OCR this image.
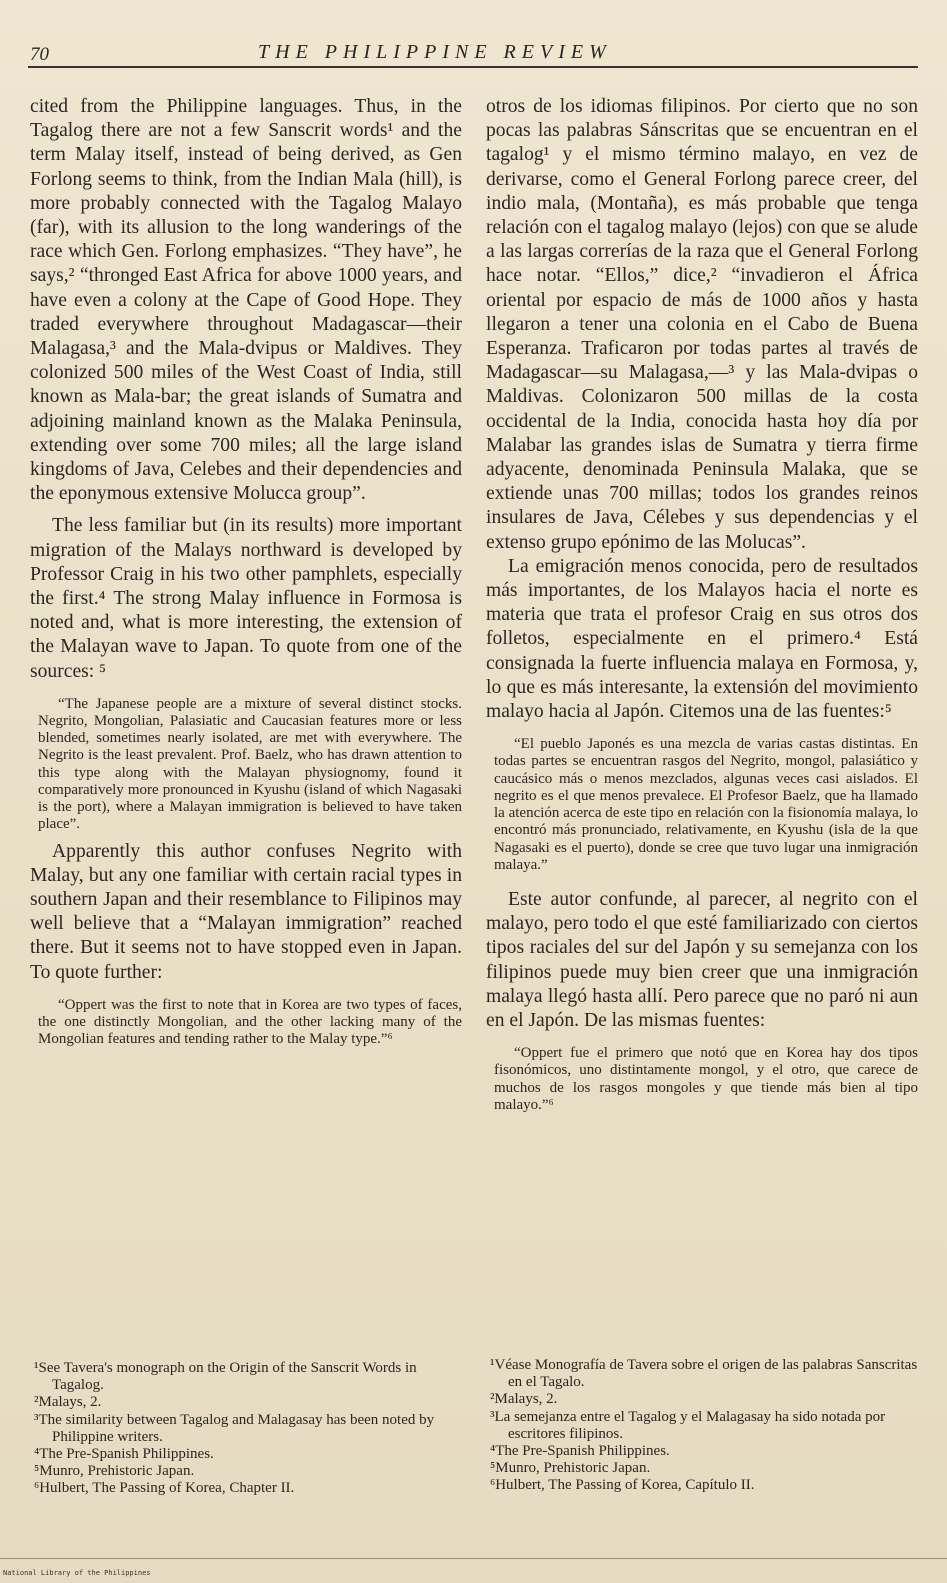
70	THE PHILIPPINE REVIEW

cited from the Philippine languages. Thus, in the Tagalog there are not a few Sanscrit words¹ and the term Malay itself, instead of being derived, as Gen Forlong seems to think, from the Indian Mala (hill), is more probably connected with the Tagalog Malayo (far), with its allusion to the long wanderings of the race which Gen. Forlong emphasizes. “They have”, he says,² “thronged East Africa for above 1000 years, and have even a colony at the Cape of Good Hope. They traded everywhere throughout Madagascar—their Malagasa,³ and the Mala-dvipus or Maldives. They colonized 500 miles of the West Coast of India, still known as Mala-bar; the great islands of Sumatra and adjoining mainland known as the Malaka Peninsula, extending over some 700 miles; all the large island kingdoms of Java, Celebes and their dependencies and the eponymous extensive Molucca group”.

The less familiar but (in its results) more important migration of the Malays northward is developed by Professor Craig in his two other pamphlets, especially the first.⁴ The strong Malay influence in Formosa is noted and, what is more interesting, the extension of the Malayan wave to Japan. To quote from one of the sources: ⁵

“The Japanese people are a mixture of several distinct stocks. Negrito, Mongolian, Palasiatic and Caucasian features more or less blended, sometimes nearly isolated, are met with everywhere. The Negrito is the least prevalent. Prof. Baelz, who has drawn attention to this type along with the Malayan physiognomy, found it comparatively more pronounced in Kyushu (island of which Nagasaki is the port), where a Malayan immigration is believed to have taken place”.

Apparently this author confuses Negrito with Malay, but any one familiar with certain racial types in southern Japan and their resemblance to Filipinos may well believe that a “Malayan immigration” reached there. But it seems not to have stopped even in Japan. To quote further:

“Oppert was the first to note that in Korea are two types of faces, the one distinctly Mongolian, and the other lacking many of the Mongolian features and tending rather to the Malay type.”⁶

otros de los idiomas filipinos. Por cierto que no son pocas las palabras Sánscritas que se encuentran en el tagalog¹ y el mismo término malayo, en vez de derivarse, como el General Forlong parece creer, del indio mala, (Montaña), es más probable que tenga relación con el tagalog malayo (lejos) con que se alude a las largas correrías de la raza que el General Forlong hace notar. “Ellos,” dice,² “invadieron el África oriental por espacio de más de 1000 años y hasta llegaron a tener una colonia en el Cabo de Buena Esperanza. Traficaron por todas partes al través de Madagascar—su Malagasa,—³ y las Mala-dvipas o Maldivas. Colonizaron 500 millas de la costa occidental de la India, conocida hasta hoy día por Malabar las grandes islas de Sumatra y tierra firme adyacente, denominada Peninsula Malaka, que se extiende unas 700 millas; todos los grandes reinos insulares de Java, Célebes y sus dependencias y el extenso grupo epónimo de las Molucas”.

La emigración menos conocida, pero de resultados más importantes, de los Malayos hacia el norte es materia que trata el profesor Craig en sus otros dos folletos, especialmente en el primero.⁴ Está consignada la fuerte influencia malaya en Formosa, y, lo que es más interesante, la extensión del movimiento malayo hacia al Japón. Citemos una de las fuentes:⁵

“El pueblo Japonés es una mezcla de varias castas distintas. En todas partes se encuentran rasgos del Negrito, mongol, palasiático y caucásico más o menos mezclados, algunas veces casi aislados. El negrito es el que menos prevalece. El Profesor Baelz, que ha llamado la atención acerca de este tipo en relación con la fisionomía malaya, lo encontró más pronunciado, relativamente, en Kyushu (isla de la que Nagasaki es el puerto), donde se cree que tuvo lugar una inmigración malaya.”

Este autor confunde, al parecer, al negrito con el malayo, pero todo el que esté familiarizado con ciertos tipos raciales del sur del Japón y su semejanza con los filipinos puede muy bien creer que una inmigración malaya llegó hasta allí. Pero parece que no paró ni aun en el Japón. De las mismas fuentes:

“Oppert fue el primero que notó que en Korea hay dos tipos fisonómicos, uno distintamente mongol, y el otro, que carece de muchos de los rasgos mongoles y que tiende más bien al tipo malayo.”⁶

¹See Tavera's monograph on the Origin of the Sanscrit Words in Tagalog.
²Malays, 2.
³The similarity between Tagalog and Malagasay has been noted by Philippine writers.
⁴The Pre-Spanish Philippines.
⁵Munro, Prehistoric Japan.
⁶Hulbert, The Passing of Korea, Chapter II.
¹Véase Monografía de Tavera sobre el origen de las palabras Sanscritas en el Tagalo.
²Malays, 2.
³La semejanza entre el Tagalog y el Malagasay ha sido notada por escritores filipinos.
⁴The Pre-Spanish Philippines.
⁵Munro, Prehistoric Japan.
⁶Hulbert, The Passing of Korea, Capítulo II.
National Library of the Philippines
